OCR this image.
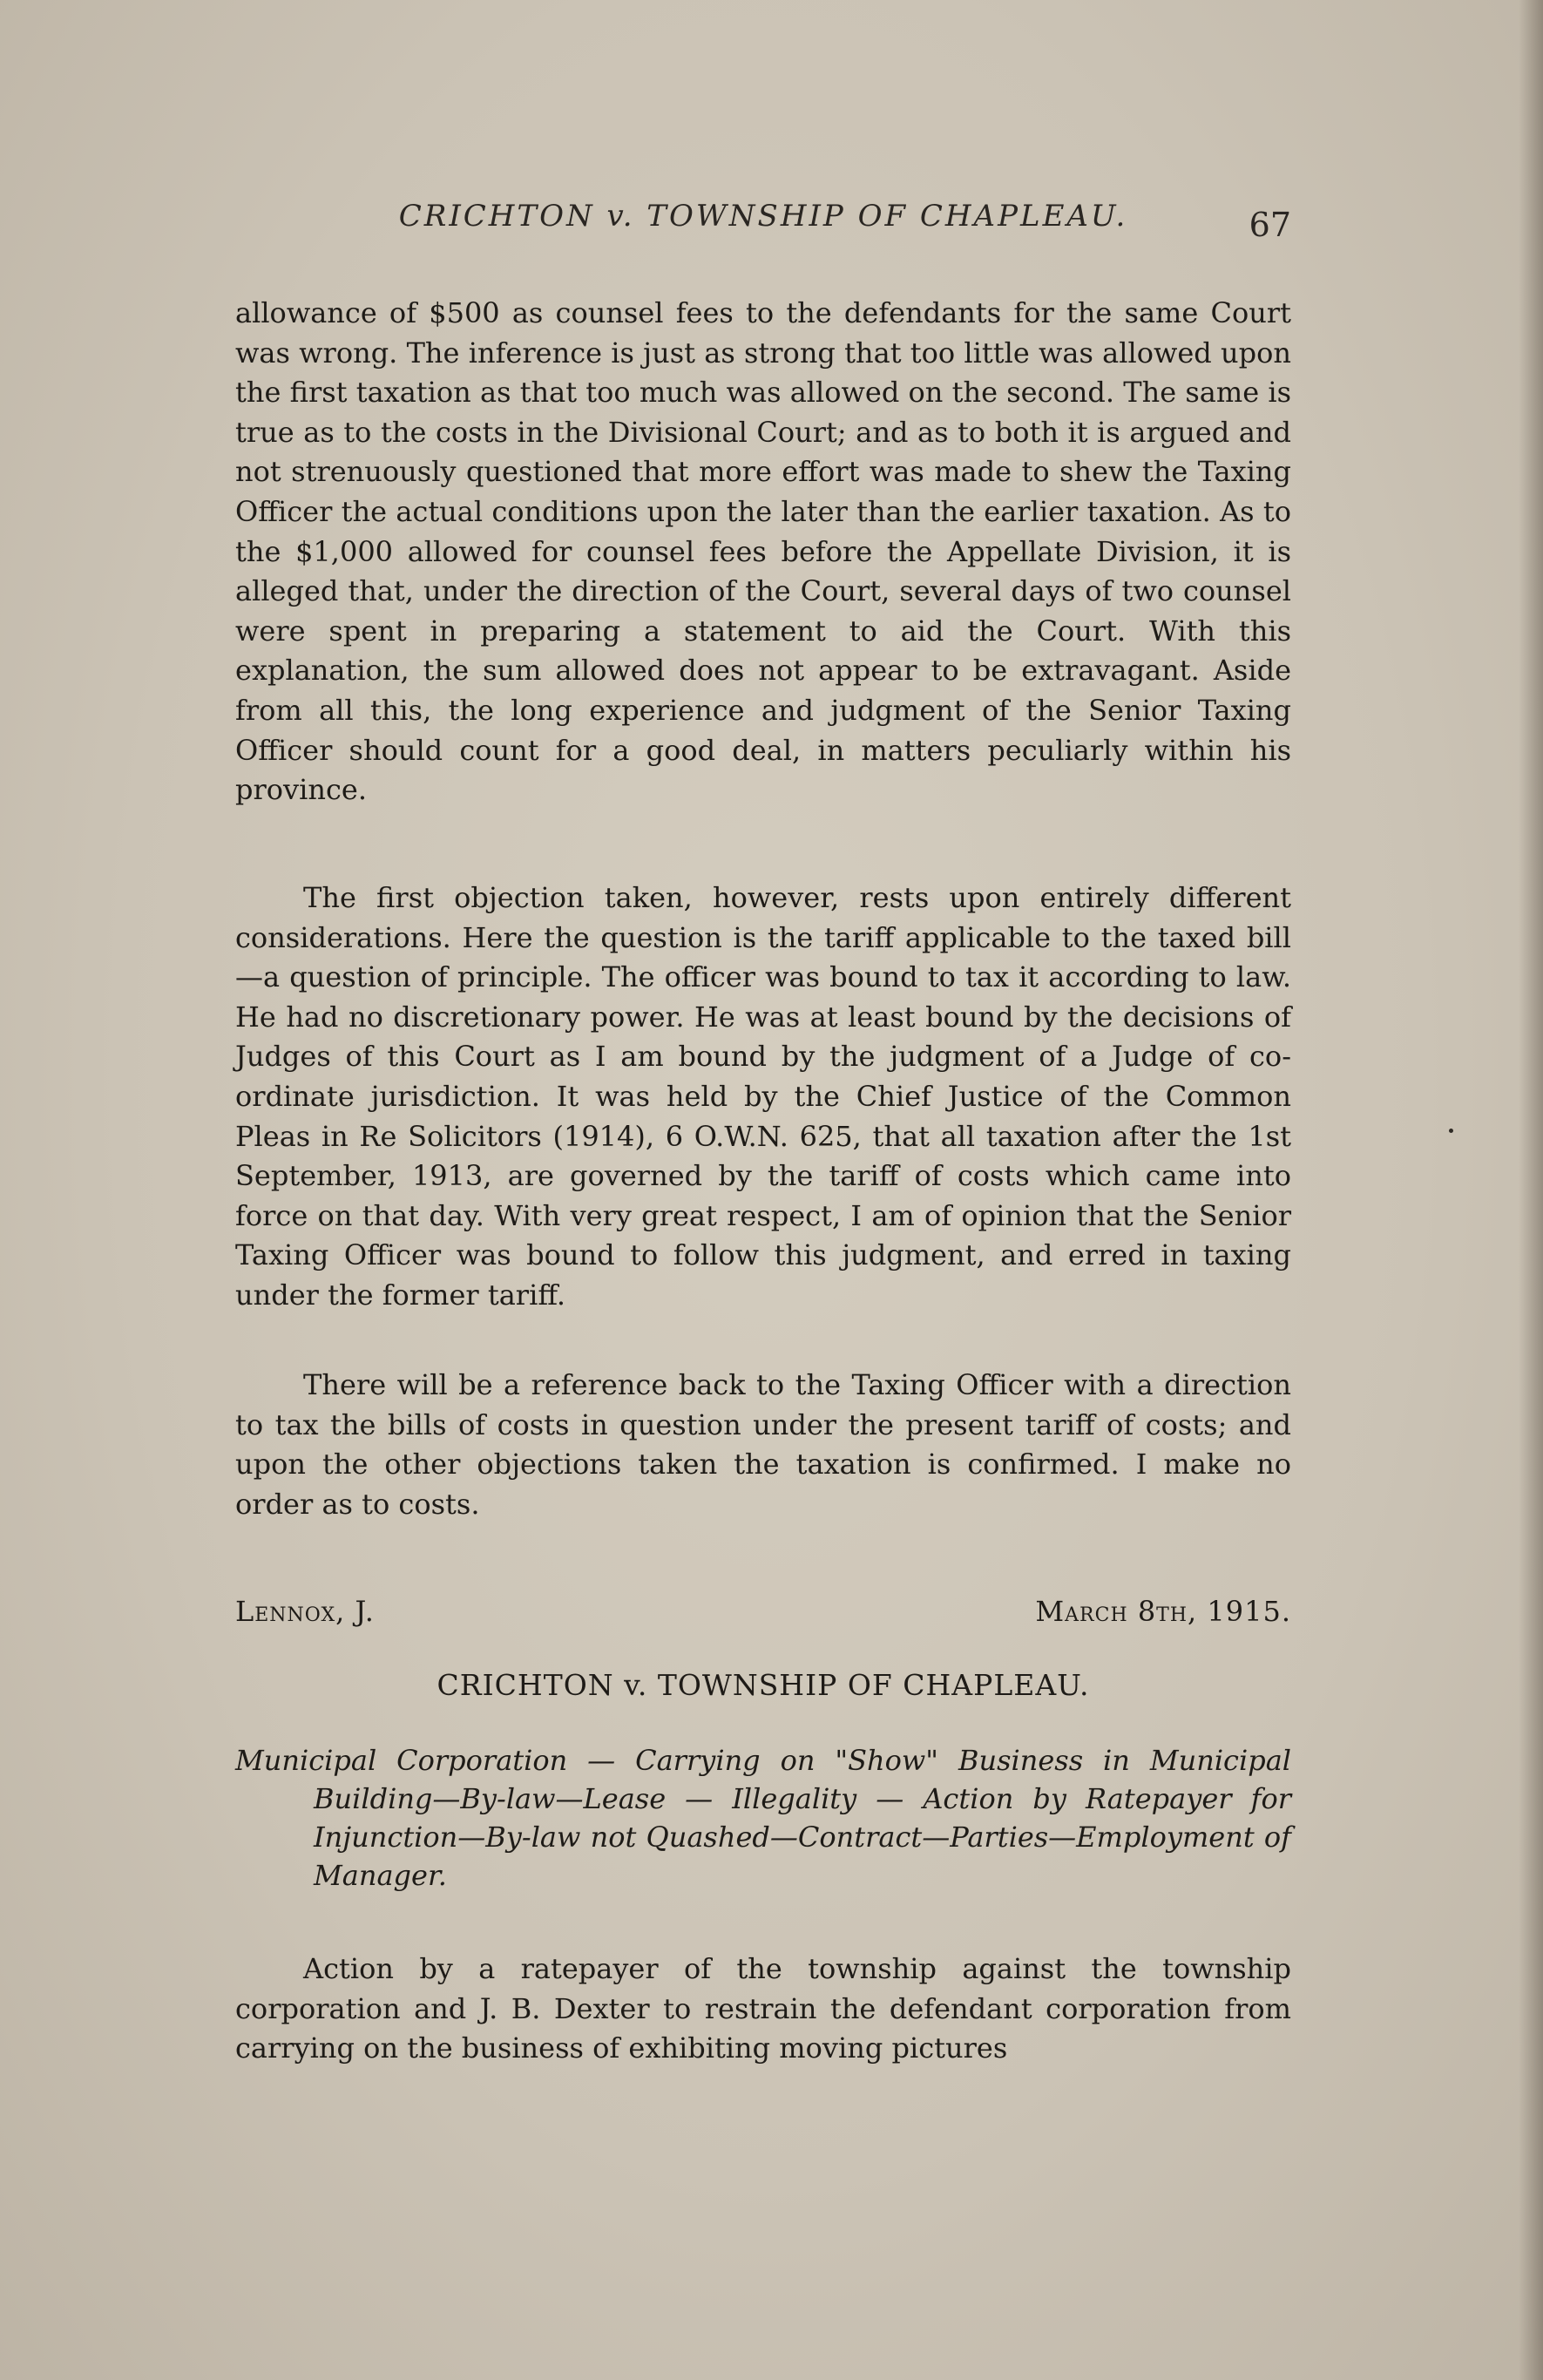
CRICHTON v. TOWNSHIP OF CHAPLEAU.	67

allowance of $500 as counsel fees to the defendants for the same Court was wrong. The inference is just as strong that too little was allowed upon the first taxation as that too much was allowed on the second. The same is true as to the costs in the Divisional Court; and as to both it is argued and not strenuously questioned that more effort was made to shew the Taxing Officer the actual conditions upon the later than the earlier taxation. As to the $1,000 allowed for counsel fees before the Appellate Division, it is alleged that, under the direction of the Court, several days of two counsel were spent in preparing a statement to aid the Court. With this explanation, the sum allowed does not appear to be extravagant. Aside from all this, the long experience and judgment of the Senior Taxing Officer should count for a good deal, in matters peculiarly within his province.

The first objection taken, however, rests upon entirely different considerations. Here the question is the tariff applicable to the taxed bill—a question of principle. The officer was bound to tax it according to law. He had no discretionary power. He was at least bound by the decisions of Judges of this Court as I am bound by the judgment of a Judge of co-ordinate jurisdiction. It was held by the Chief Justice of the Common Pleas in Re Solicitors (1914), 6 O.W.N. 625, that all taxation after the 1st September, 1913, are governed by the tariff of costs which came into force on that day. With very great respect, I am of opinion that the Senior Taxing Officer was bound to follow this judgment, and erred in taxing under the former tariff.

There will be a reference back to the Taxing Officer with a direction to tax the bills of costs in question under the present tariff of costs; and upon the other objections taken the taxation is confirmed. I make no order as to costs.

Lennox, J.	March 8th, 1915.
CRICHTON v. TOWNSHIP OF CHAPLEAU.
Municipal Corporation — Carrying on "Show" Business in Municipal Building—By-law—Lease — Illegality — Action by Ratepayer for Injunction—By-law not Quashed—Contract—Parties—Employment of Manager.

Action by a ratepayer of the township against the township corporation and J. B. Dexter to restrain the defendant corporation from carrying on the business of exhibiting moving pictures
